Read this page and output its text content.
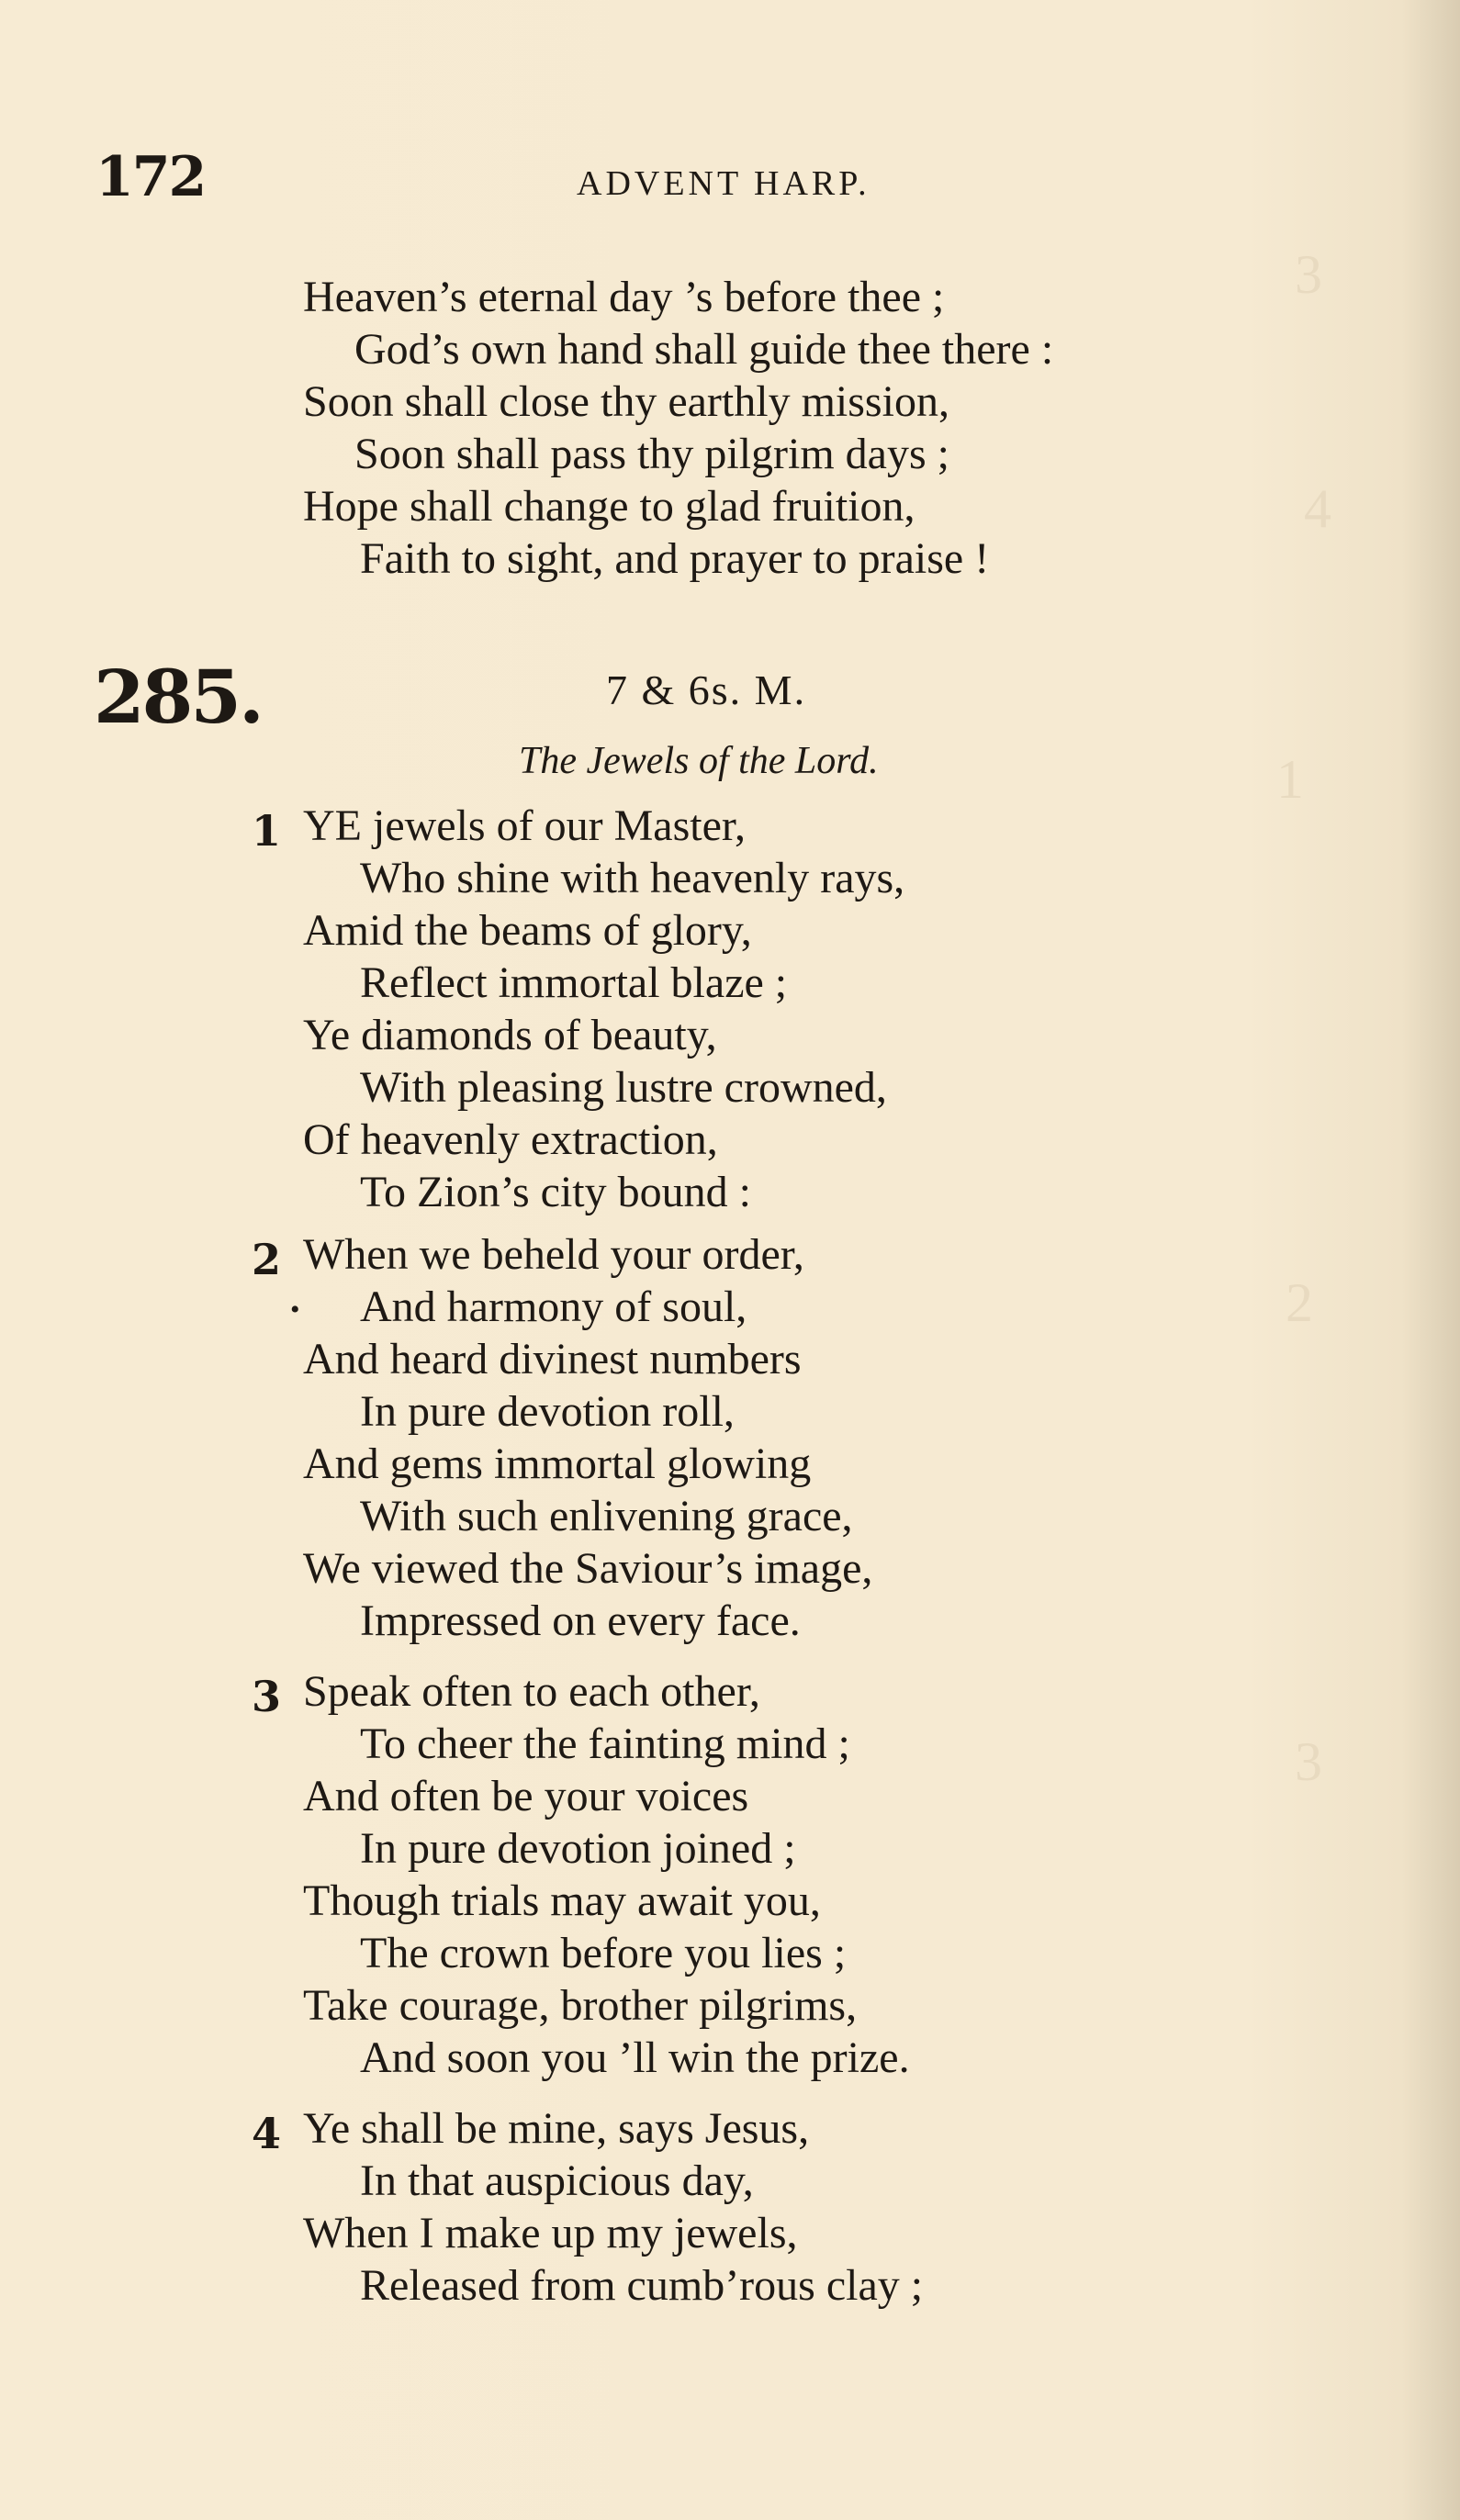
3
4
1
2
3
172	ADVENT HARP.
Heaven’s eternal day ’s before thee ;
God’s own hand shall guide thee there :
Soon shall close thy earthly mission,
Soon shall pass thy pilgrim days ;
Hope shall change to glad fruition,
Faith to sight, and prayer to praise !
285.	7 & 6s. M.
The Jewels of the Lord.
1 YE jewels of our Master,
Who shine with heavenly rays,
Amid the beams of glory,
Reflect immortal blaze ;
Ye diamonds of beauty,
With pleasing lustre crowned,
Of heavenly extraction,
To Zion’s city bound :
2 When we beheld your order,
• And harmony of soul,
And heard divinest numbers
In pure devotion roll,
And gems immortal glowing
With such enlivening grace,
We viewed the Saviour’s image,
Impressed on every face.
3 Speak often to each other,
To cheer the fainting mind ;
And often be your voices
In pure devotion joined ;
Though trials may await you,
The crown before you lies ;
Take courage, brother pilgrims,
And soon you ’ll win the prize.
4 Ye shall be mine, says Jesus,
In that auspicious day,
When I make up my jewels,
Released from cumb’rous clay ;
